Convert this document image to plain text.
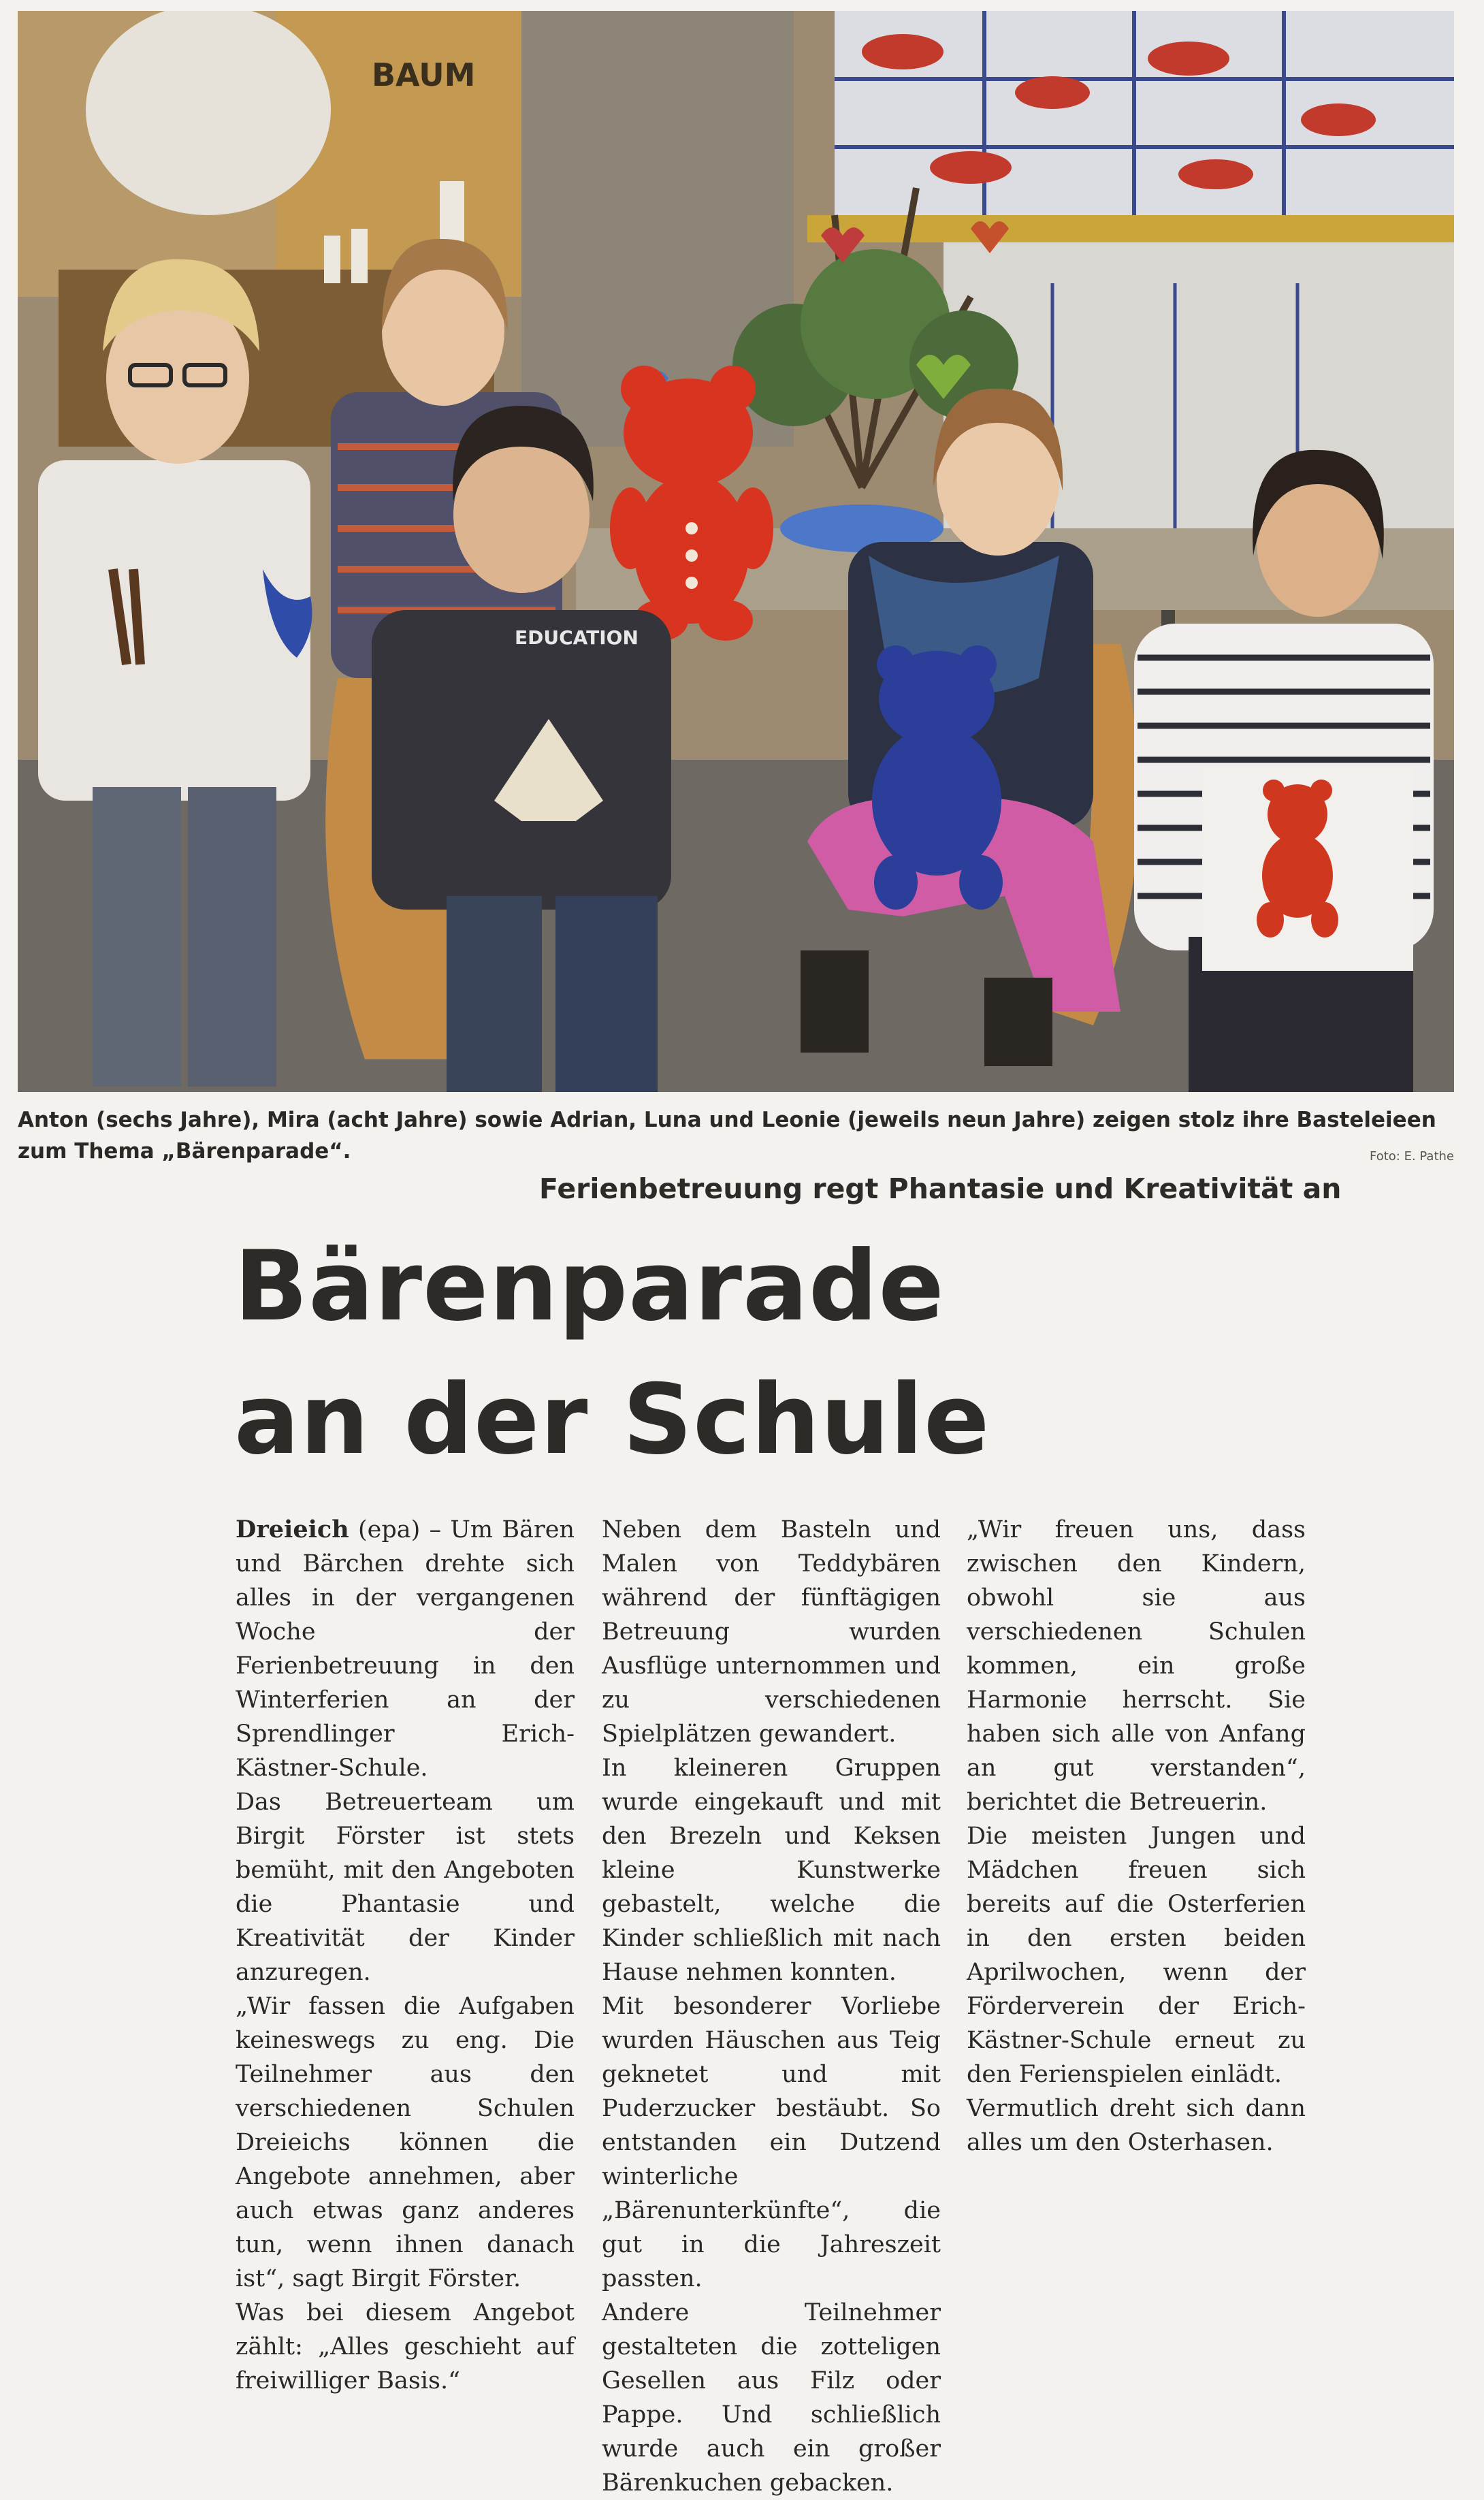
BAUM
EDUCATION

Anton (sechs Jahre), Mira (acht Jahre) sowie Adrian, Luna und Leonie (jeweils neun Jahre) zeigen stolz ihre Basteleieen zum Thema „Bärenparade“.	Foto: E. Pathe
Ferienbetreuung regt Phantasie und Kreativität an
Bärenparade
an der Schule

Dreieich (epa) – Um Bären und Bärchen drehte sich alles in der vergangenen Woche der Ferienbetreuung in den Winterferien an der Sprendlinger Erich-Kästner-Schule.

Das Betreuerteam um Birgit Förster ist stets bemüht, mit den Angeboten die Phantasie und Kreativität der Kinder anzuregen.

„Wir fassen die Aufgaben keineswegs zu eng. Die Teilnehmer aus den verschiedenen Schulen Dreieichs können die Angebote annehmen, aber auch etwas ganz anderes tun, wenn ihnen danach ist“, sagt Birgit Förster.

Was bei diesem Angebot zählt: „Alles geschieht auf freiwilliger Basis.“

Neben dem Basteln und Malen von Teddybären während der fünftägigen Betreuung wurden Ausflüge unternommen und zu verschiedenen Spielplätzen gewandert.

In kleineren Gruppen wurde eingekauft und mit den Brezeln und Keksen kleine Kunstwerke gebastelt, welche die Kinder schließlich mit nach Hause nehmen konnten.

Mit besonderer Vorliebe wurden Häuschen aus Teig geknetet und mit Puderzucker bestäubt. So entstanden ein Dutzend winterliche „Bärenunterkünfte“, die gut in die Jahreszeit passten.

Andere Teilnehmer gestalteten die zotteligen Gesellen aus Filz oder Pappe. Und schließlich wurde auch ein großer Bärenkuchen gebacken.

„Wir freuen uns, dass zwischen den Kindern, obwohl sie aus verschiedenen Schulen kommen, ein große Harmonie herrscht. Sie haben sich alle von Anfang an gut verstanden“, berichtet die Betreuerin.

Die meisten Jungen und Mädchen freuen sich bereits auf die Osterferien in den ersten beiden Aprilwochen, wenn der Förderverein der Erich-Kästner-Schule erneut zu den Ferienspielen einlädt.

Vermutlich dreht sich dann alles um den Osterhasen.
